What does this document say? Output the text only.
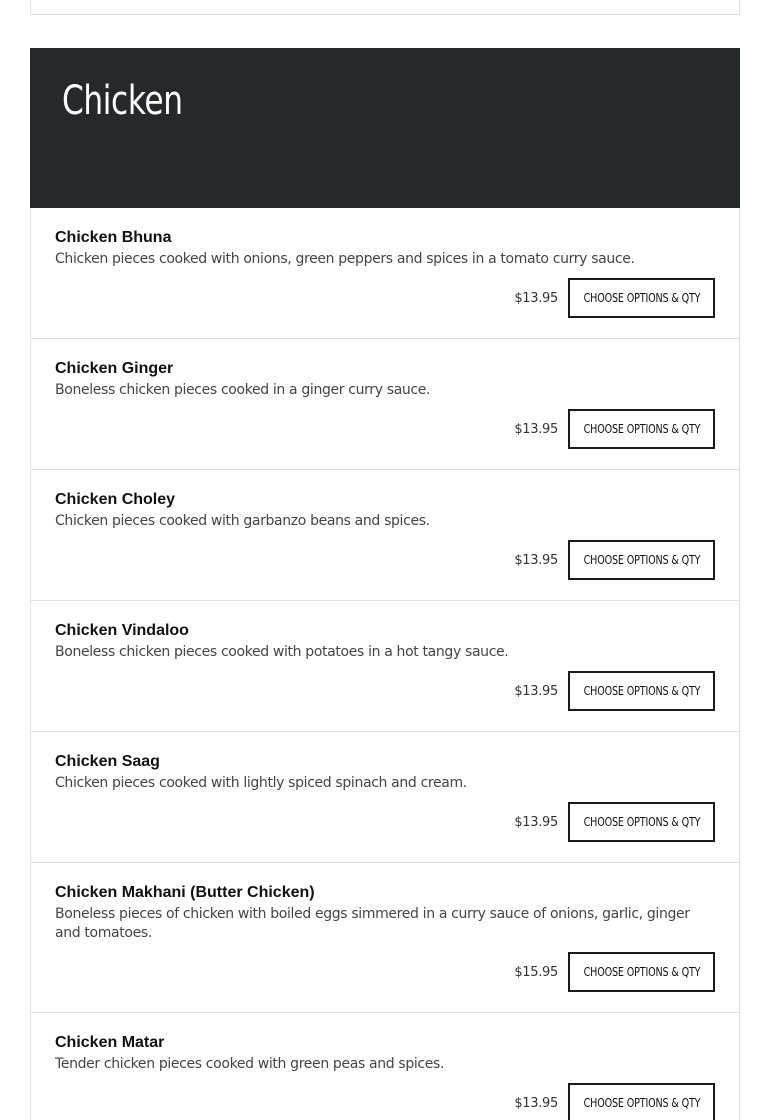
Chicken
Chicken Bhuna

Chicken pieces cooked with onions, green peppers and spices in a tomato curry sauce.

$13.95 CHOOSE OPTIONS & QTY
Chicken Ginger

Boneless chicken pieces cooked in a ginger curry sauce.

$13.95 CHOOSE OPTIONS & QTY
Chicken Choley

Chicken pieces cooked with garbanzo beans and spices.

$13.95 CHOOSE OPTIONS & QTY
Chicken Vindaloo

Boneless chicken pieces cooked with potatoes in a hot tangy sauce.

$13.95 CHOOSE OPTIONS & QTY
Chicken Saag

Chicken pieces cooked with lightly spiced spinach and cream.

$13.95 CHOOSE OPTIONS & QTY
Chicken Makhani (Butter Chicken)

Boneless pieces of chicken with boiled eggs simmered in a curry sauce of onions, garlic, ginger and tomatoes.

$15.95 CHOOSE OPTIONS & QTY
Chicken Matar

Tender chicken pieces cooked with green peas and spices.

$13.95 CHOOSE OPTIONS & QTY
